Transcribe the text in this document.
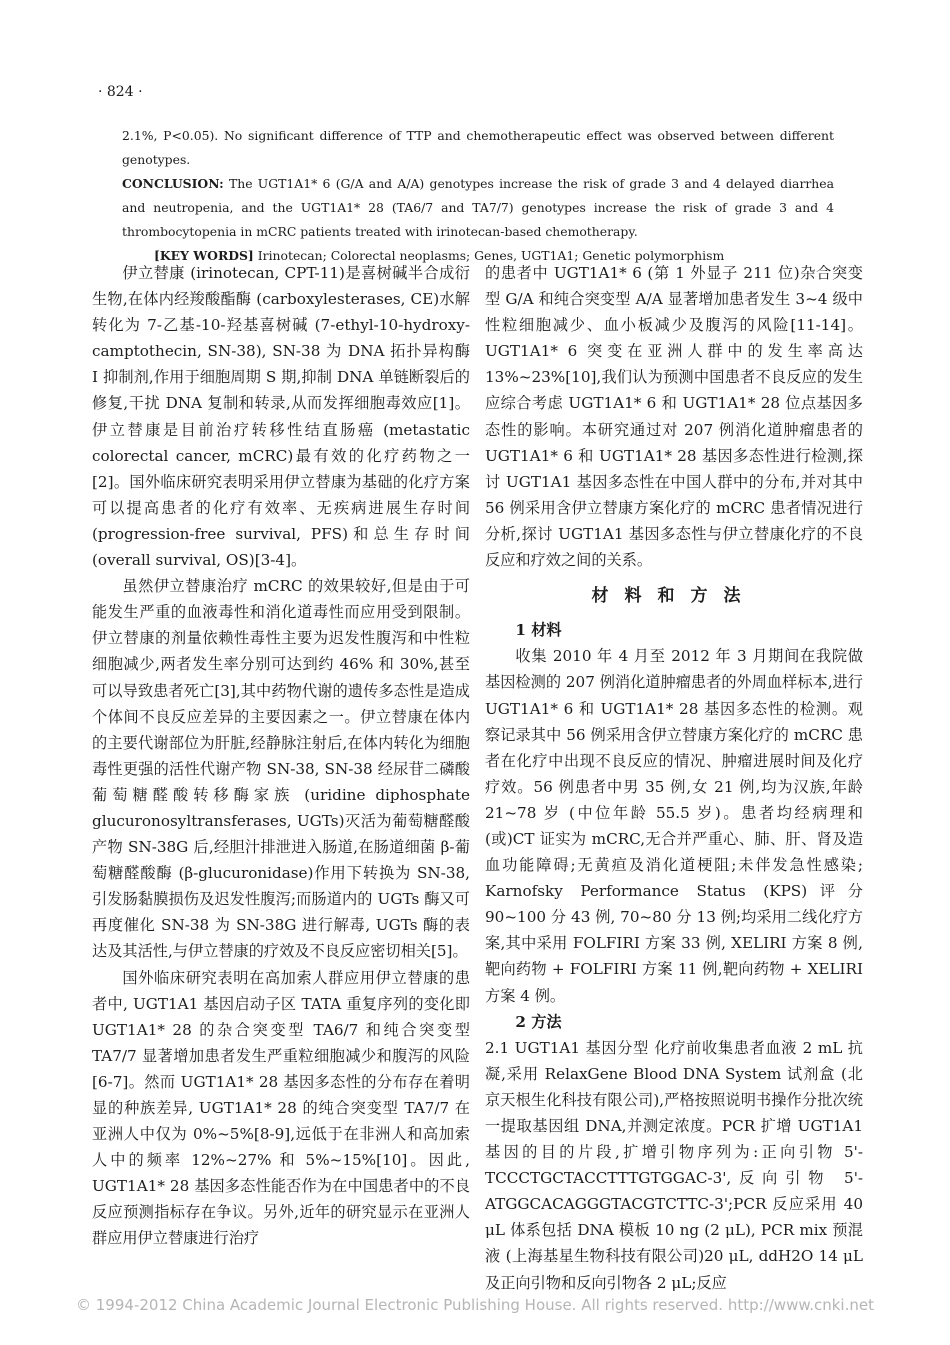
· 824 ·

2.1%, P<0.05). No significant difference of TTP and chemotherapeutic effect was observed between different genotypes.

CONCLUSION: The UGT1A1* 6 (G/A and A/A) genotypes increase the risk of grade 3 and 4 delayed diarrhea and neutropenia, and the UGT1A1* 28 (TA6/7 and TA7/7) genotypes increase the risk of grade 3 and 4 thrombocytopenia in mCRC patients treated with irinotecan-based chemotherapy.

[KEY WORDS] Irinotecan; Colorectal neoplasms; Genes, UGT1A1; Genetic polymorphism

伊立替康 (irinotecan, CPT-11)是喜树碱半合成衍生物,在体内经羧酸酯酶 (carboxylesterases, CE)水解转化为 7-乙基-10-羟基喜树碱 (7-ethyl-10-hydroxy-camptothecin, SN-38), SN-38 为 DNA 拓扑异构酶 Ⅰ 抑制剂,作用于细胞周期 S 期,抑制 DNA 单链断裂后的修复,干扰 DNA 复制和转录,从而发挥细胞毒效应[1]。伊立替康是目前治疗转移性结直肠癌 (metastatic colorectal cancer, mCRC)最有效的化疗药物之一[2]。国外临床研究表明采用伊立替康为基础的化疗方案可以提高患者的化疗有效率、无疾病进展生存时间 (progression-free survival, PFS)和总生存时间 (overall survival, OS)[3-4]。

虽然伊立替康治疗 mCRC 的效果较好,但是由于可能发生严重的血液毒性和消化道毒性而应用受到限制。伊立替康的剂量依赖性毒性主要为迟发性腹泻和中性粒细胞减少,两者发生率分别可达到约 46% 和 30%,甚至可以导致患者死亡[3],其中药物代谢的遗传多态性是造成个体间不良反应差异的主要因素之一。伊立替康在体内的主要代谢部位为肝脏,经静脉注射后,在体内转化为细胞毒性更强的活性代谢产物 SN-38, SN-38 经尿苷二磷酸葡萄糖醛酸转移酶家族 (uridine diphosphate glucuronosyltransferases, UGTs)灭活为葡萄糖醛酸产物 SN-38G 后,经胆汁排泄进入肠道,在肠道细菌 β-葡萄糖醛酸酶 (β-glucuronidase)作用下转换为 SN-38,引发肠黏膜损伤及迟发性腹泻;而肠道内的 UGTs 酶又可再度催化 SN-38 为 SN-38G 进行解毒, UGTs 酶的表达及其活性,与伊立替康的疗效及不良反应密切相关[5]。

国外临床研究表明在高加索人群应用伊立替康的患者中, UGT1A1 基因启动子区 TATA 重复序列的变化即 UGT1A1* 28 的杂合突变型 TA6/7 和纯合突变型 TA7/7 显著增加患者发生严重粒细胞减少和腹泻的风险[6-7]。然而 UGT1A1* 28 基因多态性的分布存在着明显的种族差异, UGT1A1* 28 的纯合突变型 TA7/7 在亚洲人中仅为 0%~5%[8-9],远低于在非洲人和高加索人中的频率 12%~27% 和 5%~15%[10]。因此, UGT1A1* 28 基因多态性能否作为在中国患者中的不良反应预测指标存在争议。另外,近年的研究显示在亚洲人群应用伊立替康进行治疗

的患者中 UGT1A1* 6 (第 1 外显子 211 位)杂合突变型 G/A 和纯合突变型 A/A 显著增加患者发生 3~4 级中性粒细胞减少、血小板减少及腹泻的风险[11-14]。UGT1A1* 6 突变在亚洲人群中的发生率高达 13%~23%[10],我们认为预测中国患者不良反应的发生应综合考虑 UGT1A1* 6 和 UGT1A1* 28 位点基因多态性的影响。本研究通过对 207 例消化道肿瘤患者的 UGT1A1* 6 和 UGT1A1* 28 基因多态性进行检测,探讨 UGT1A1 基因多态性在中国人群中的分布,并对其中 56 例采用含伊立替康方案化疗的 mCRC 患者情况进行分析,探讨 UGT1A1 基因多态性与伊立替康化疗的不良反应和疗效之间的关系。

材料和方法

1 材料

收集 2010 年 4 月至 2012 年 3 月期间在我院做基因检测的 207 例消化道肿瘤患者的外周血样标本,进行 UGT1A1* 6 和 UGT1A1* 28 基因多态性的检测。观察记录其中 56 例采用含伊立替康方案化疗的 mCRC 患者在化疗中出现不良反应的情况、肿瘤进展时间及化疗疗效。56 例患者中男 35 例,女 21 例,均为汉族,年龄 21~78 岁 (中位年龄 55.5 岁)。患者均经病理和 (或)CT 证实为 mCRC,无合并严重心、肺、肝、肾及造血功能障碍;无黄疸及消化道梗阻;未伴发急性感染; Karnofsky Performance Status (KPS)评分 90~100 分 43 例, 70~80 分 13 例;均采用二线化疗方案,其中采用 FOLFIRI 方案 33 例, XELIRI 方案 8 例,靶向药物 + FOLFIRI 方案 11 例,靶向药物 + XELIRI 方案 4 例。

2 方法

2.1 UGT1A1 基因分型 化疗前收集患者血液 2 mL 抗凝,采用 RelaxGene Blood DNA System 试剂盒 (北京天根生化科技有限公司),严格按照说明书操作分批次统一提取基因组 DNA,并测定浓度。PCR 扩增 UGT1A1 基因的目的片段,扩增引物序列为:正向引物 5'-TCCCTGCTACCTTTGTGGAC-3',反向引物 5'-ATGGCACAGGGTACGTCTTC-3';PCR 反应采用 40 μL 体系包括 DNA 模板 10 ng (2 μL), PCR mix 预混液 (上海基星生物科技有限公司)20 μL, ddH2O 14 μL 及正向引物和反向引物各 2 μL;反应

© 1994-2012 China Academic Journal Electronic Publishing House. All rights reserved. http://www.cnki.net
